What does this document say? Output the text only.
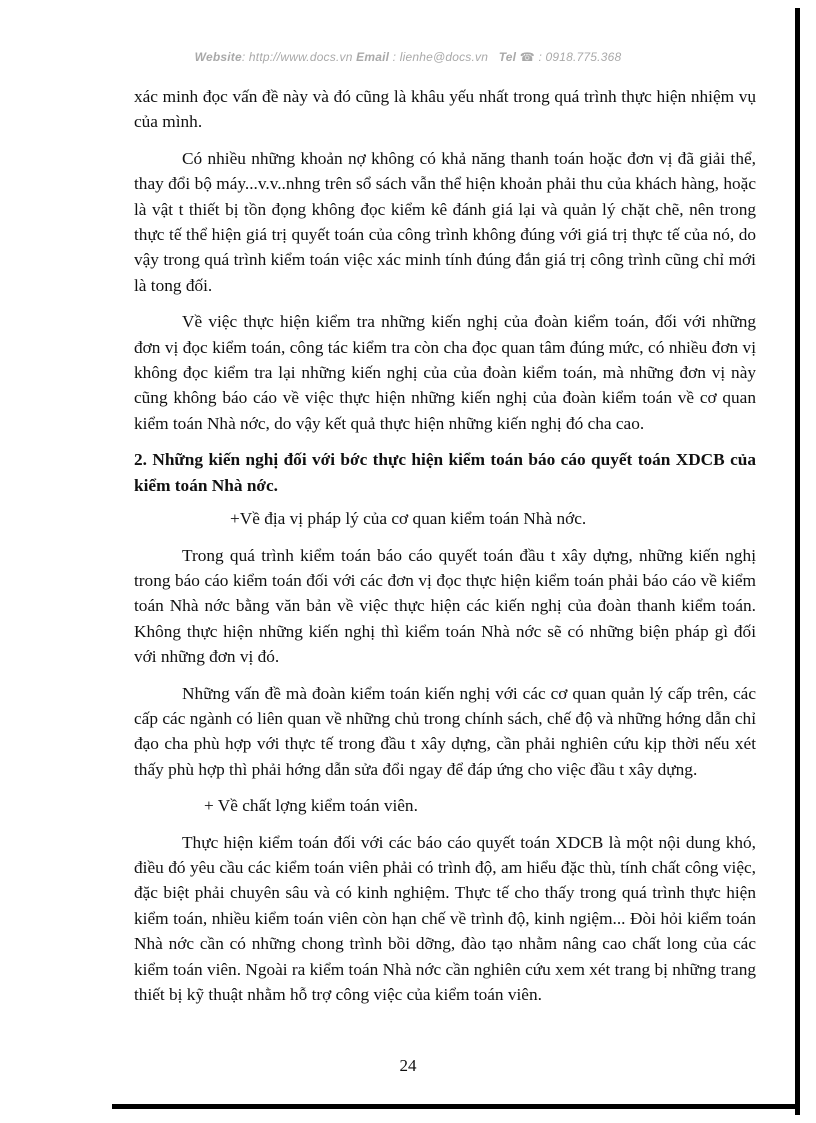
Website: http://www.docs.vn Email : lienhe@docs.vn Tel ☎ : 0918.775.368

xác minh đọc vấn đề này và đó cũng là khâu yếu nhất trong quá trình thực hiện nhiệm vụ của mình.

Có nhiều những khoản nợ không có khả năng thanh toán hoặc đơn vị đã giải thể, thay đổi bộ máy...v.v..nhng trên sổ sách vẫn thể hiện khoản phải thu của khách hàng, hoặc là vật t thiết bị tồn đọng không đọc kiểm kê đánh giá lại và quản lý chặt chẽ, nên trong thực tế thể hiện giá trị quyết toán của công trình không đúng với giá trị thực tế của nó, do vậy trong quá trình kiểm toán việc xác minh tính đúng đắn giá trị công trình cũng chỉ mới là tong đối.

Về việc thực hiện kiểm tra những kiến nghị của đoàn kiểm toán, đối với những đơn vị đọc kiểm toán, công tác kiểm tra còn cha đọc quan tâm đúng mức, có nhiều đơn vị không đọc kiểm tra lại những kiến nghị của của đoàn kiểm toán, mà những đơn vị này cũng không báo cáo về việc thực hiện những kiến nghị của đoàn kiểm toán về cơ quan kiểm toán Nhà nớc, do vậy kết quả thực hiện những kiến nghị đó cha cao.

2. Những kiến nghị đối với bớc thực hiện kiểm toán báo cáo quyết toán XDCB của kiểm toán Nhà nớc.

+Về địa vị pháp lý của cơ quan kiểm toán Nhà nớc.

Trong quá trình kiểm toán báo cáo quyết toán đầu t xây dựng, những kiến nghị trong báo cáo kiểm toán đối với các đơn vị đọc thực hiện kiểm toán phải báo cáo về kiểm toán Nhà nớc bằng văn bản về việc thực hiện các kiến nghị của đoàn thanh kiểm toán. Không thực hiện những kiến nghị thì kiểm toán Nhà nớc sẽ có những biện pháp gì đối với những đơn vị đó.

Những vấn đề mà đoàn kiểm toán kiến nghị với các cơ quan quản lý cấp trên, các cấp các ngành có liên quan về những chủ trong chính sách, chế độ và những hớng dẫn chỉ đạo cha phù hợp với thực tế trong đầu t xây dựng, cần phải nghiên cứu kịp thời nếu xét thấy phù hợp thì phải hớng dẫn sửa đổi ngay để đáp ứng cho việc đầu t xây dựng.

+ Về chất lợng kiểm toán viên.

Thực hiện kiểm toán đối với các báo cáo quyết toán XDCB là một nội dung khó, điều đó yêu cầu các kiểm toán viên phải có trình độ, am hiểu đặc thù, tính chất công việc, đặc biệt phải chuyên sâu và có kinh nghiệm. Thực tế cho thấy trong quá trình thực hiện kiểm toán, nhiều kiểm toán viên còn hạn chế về trình độ, kinh ngiệm... Đòi hỏi kiểm toán Nhà nớc cần có những chong trình bồi dỡng, đào tạo nhằm nâng cao chất long của các kiểm toán viên. Ngoài ra kiểm toán Nhà nớc cần nghiên cứu xem xét trang bị những trang thiết bị kỹ thuật nhằm hỗ trợ công việc của kiểm toán viên.

24
